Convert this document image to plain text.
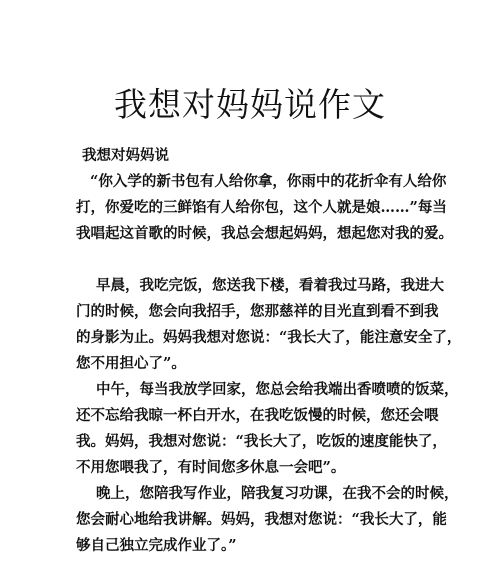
我想对妈妈说作文

我想对妈妈说

“你入学的新书包有人给你拿，你雨中的花折伞有人给你

打，你爱吃的三鲜馅有人给你包，这个人就是娘……”每当

我唱起这首歌的时候，我总会想起妈妈，想起您对我的爱。

早晨，我吃完饭，您送我下楼，看着我过马路，我进大

门的时候，您会向我招手，您那慈祥的目光直到看不到我

的身影为止。妈妈我想对您说：“我长大了，能注意安全了，

您不用担心了”。

中午，每当我放学回家，您总会给我端出香喷喷的饭菜，

还不忘给我晾一杯白开水，在我吃饭慢的时候，您还会喂

我。妈妈，我想对您说：“我长大了，吃饭的速度能快了，

不用您喂我了，有时间您多休息一会吧”。

晚上，您陪我写作业，陪我复习功课，在我不会的时候，

您会耐心地给我讲解。妈妈，我想对您说：“我长大了，能

够自己独立完成作业了。”
